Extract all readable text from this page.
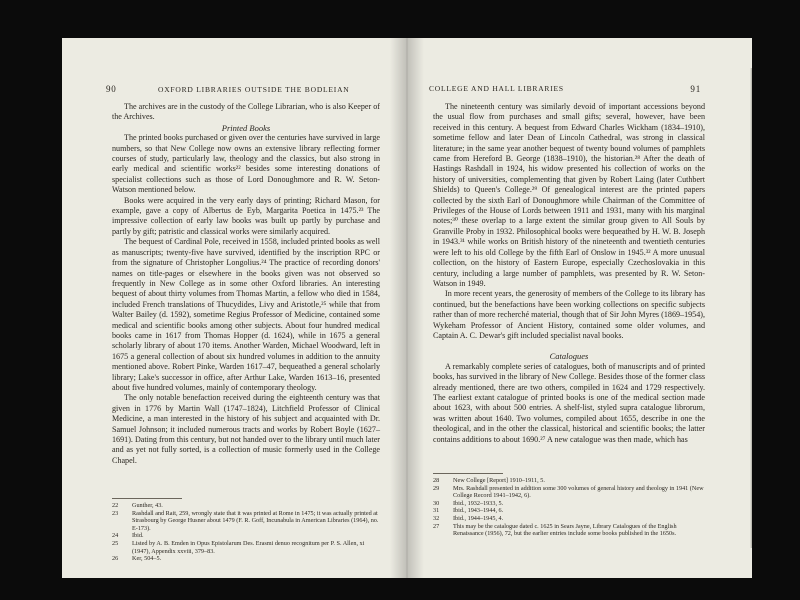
90	OXFORD LIBRARIES OUTSIDE THE BODLEIAN

The archives are in the custody of the College Librarian, who is also Keeper of the Archives.

Printed Books

The printed books purchased or given over the centuries have survived in large numbers, so that New College now owns an extensive library reflecting former courses of study, particularly law, theology and the classics, but also strong in early medical and scientific works²² besides some interesting donations of specialist collections such as those of Lord Donoughmore and R. W. Seton-Watson mentioned below.

Books were acquired in the very early days of printing; Richard Mason, for example, gave a copy of Albertus de Eyb, Margarita Poetica in 1475.²³ The impressive collection of early law books was built up partly by purchase and partly by gift; patristic and classical works were similarly acquired.

The bequest of Cardinal Pole, received in 1558, included printed books as well as manuscripts; twenty-five have survived, identified by the inscription RPC or from the signature of Christopher Longolius.²⁴ The practice of recording donors' names on title-pages or elsewhere in the books given was not observed so frequently in New College as in some other Oxford libraries. An interesting bequest of about thirty volumes from Thomas Martin, a fellow who died in 1584, included French translations of Thucydides, Livy and Aristotle,²⁵ while that from Walter Bailey (d. 1592), sometime Regius Professor of Medicine, contained some medical and scientific books among other subjects. About four hundred medical books came in 1617 from Thomas Hopper (d. 1624), while in 1675 a general scholarly library of about 170 items. Another Warden, Michael Woodward, left in 1675 a general collection of about six hundred volumes in addition to the annuity mentioned above. Robert Pinke, Warden 1617–47, bequeathed a general scholarly library; Lake's successor in office, after Arthur Lake, Warden 1613–16, presented about five hundred volumes, mainly of contemporary theology.

The only notable benefaction received during the eighteenth century was that given in 1776 by Martin Wall (1747–1824), Litchfield Professor of Clinical Medicine, a man interested in the history of his subject and acquainted with Dr. Samuel Johnson; it included numerous tracts and works by Robert Boyle (1627–1691). Dating from this century, but not handed over to the library until much later and as yet not fully sorted, is a collection of music formerly used in the College Chapel.

22	Gunther, 43.
23	Rashdall and Rait, 259, wrongly state that it was printed at Rome in 1475; it was actually printed at Strasbourg by George Husner about 1479 (F. R. Goff, Incunabula in American Libraries (1964), no. E-173).
24	Ibid.
25	Listed by A. B. Emden in Opus Epistolarum Des. Erasmi denuo recognitum per P. S. Allen, xi (1947), Appendix xxviii, 379–83.
26	Ker, 504–5.
COLLEGE AND HALL LIBRARIES	91

The nineteenth century was similarly devoid of important accessions beyond the usual flow from purchases and small gifts; several, however, have been received in this century. A bequest from Edward Charles Wickham (1834–1910), sometime fellow and later Dean of Lincoln Cathedral, was strong in classical literature; in the same year another bequest of twenty bound volumes of pamphlets came from Hereford B. George (1838–1910), the historian.²⁸ After the death of Hastings Rashdall in 1924, his widow presented his collection of works on the history of universities, complementing that given by Robert Laing (later Cuthbert Shields) to Queen's College.²⁹ Of genealogical interest are the printed papers collected by the sixth Earl of Donoughmore while Chairman of the Committee of Privileges of the House of Lords between 1911 and 1931, many with his marginal notes;³⁰ these overlap to a large extent the similar group given to All Souls by Granville Proby in 1932. Philosophical books were bequeathed by H. W. B. Joseph in 1943.³¹ while works on British history of the nineteenth and twentieth centuries were left to his old College by the fifth Earl of Onslow in 1945.³² A more unusual collection, on the history of Eastern Europe, especially Czechoslovakia in this century, including a large number of pamphlets, was presented by R. W. Seton-Watson in 1949.

In more recent years, the generosity of members of the College to its library has continued, but the benefactions have been working collections on specific subjects rather than of more recherché material, though that of Sir John Myres (1869–1954), Wykeham Professor of Ancient History, contained some older volumes, and Captain A. C. Dewar's gift included specialist naval books.

Catalogues

A remarkably complete series of catalogues, both of manuscripts and of printed books, has survived in the library of New College. Besides those of the former class already mentioned, there are two others, compiled in 1624 and 1729 respectively. The earliest extant catalogue of printed books is one of the medical section made about 1623, with about 500 entries. A shelf-list, styled supra catalogue librorum, was written about 1640. Two volumes, compiled about 1655, describe in one the theological, and in the other the classical, historical and scientific books; the latter contains additions to about 1690.²⁷ A new catalogue was then made, which has

28	New College [Report] 1910–1911, 5.
29	Mrs. Rashdall presented in addition some 300 volumes of general history and theology in 1941 (New College Record 1941–1942, 6).
30	Ibid., 1932–1933, 5.
31	Ibid., 1943–1944, 6.
32	Ibid., 1944–1945, 4.
27	This may be the catalogue dated c. 1625 in Sears Jayne, Library Catalogues of the English Renaissance (1956), 72, but the earlier entries include some books published in the 1650s.
